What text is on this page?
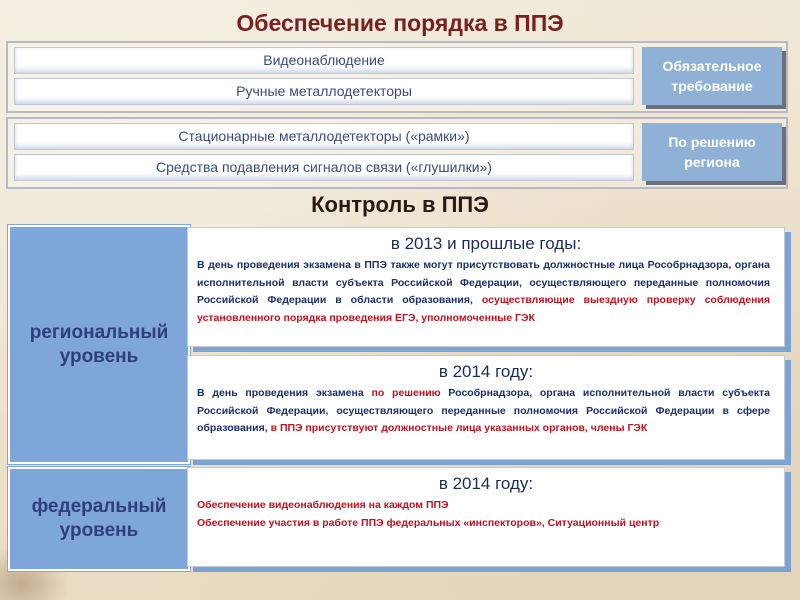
Обеспечение порядка в ППЭ
Видеонаблюдение
Ручные металлодетекторы
Обязательное требование
Стационарные металлодетекторы («рамки»)
Средства подавления сигналов связи («глушилки»)
По решению региона
Контроль в ППЭ
региональный уровень
в 2013 и прошлые годы:
В день проведения экзамена в ППЭ также могут присутствовать должностные лица Рособрнадзора, органа исполнительной власти субъекта Российской Федерации, осуществляющего переданные полномочия Российской Федерации в области образования, осуществляющие выездную проверку соблюдения установленного порядка проведения ЕГЭ, уполномоченные ГЭК
в 2014 году:
В день проведения экзамена по решению Рособрнадзора, органа исполнительной власти субъекта Российской Федерации, осуществляющего переданные полномочия Российской Федерации в сфере образования, в ППЭ присутствуют должностные лица указанных органов, члены ГЭК
федеральный уровень
в 2014 году:
Обеспечение видеонаблюдения на каждом ППЭ
Обеспечение участия в работе ППЭ федеральных «инспекторов», Ситуационный центр
